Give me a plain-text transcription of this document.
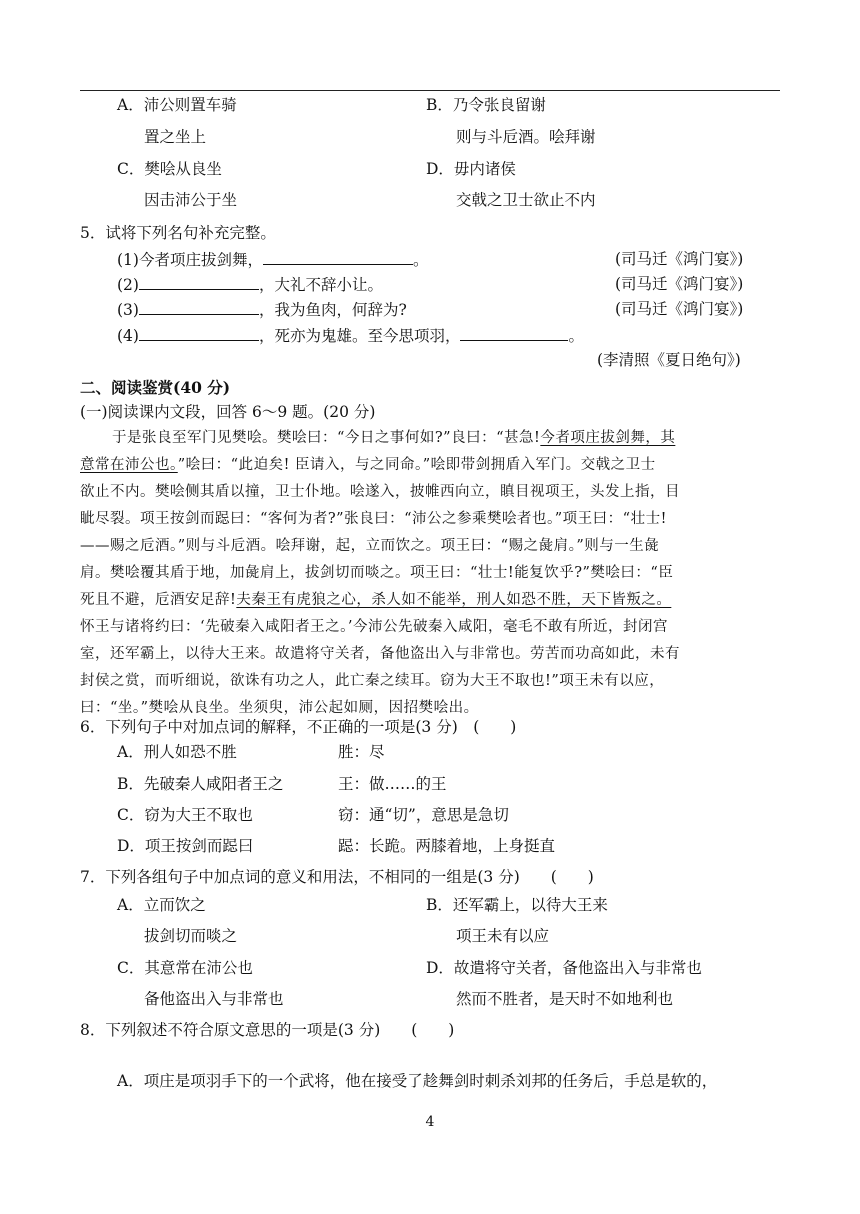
A．沛公则置车骑	B．乃令张良留谢
置之坐上	则与斗卮酒。哙拜谢
C．樊哙从良坐	D．毋内诸侯
因击沛公于坐	交戟之卫士欲止不内
5．试将下列名句补充完整。
(1)今者项庄拔剑舞，	。	(司马迁《鸿门宴》)
(2)	，大礼不辞小让。	(司马迁《鸿门宴》)
(3)	，我为鱼肉，何辞为?	(司马迁《鸿门宴》)
(4)	，死亦为鬼雄。至今思项羽，	。
(李清照《夏日绝句》)
二、阅读鉴赏(40 分)
(一)阅读课内文段，回答 6～9 题。(20 分)
于是张良至军门见樊哙。樊哙曰：“今日之事何如?”良曰：“甚急!今者项庄拔剑舞，其
意常在沛公也。”哙曰：“此迫矣! 臣请入，与之同命。”哙即带剑拥盾入军门。交戟之卫士
欲止不内。樊哙侧其盾以撞，卫士仆地。哙遂入，披帷西向立，瞋目视项王，头发上指，目
眦尽裂。项王按剑而跽曰：“客何为者?”张良曰：“沛公之参乘樊哙者也。”项王曰：“壮士!
——赐之卮酒。”则与斗卮酒。哙拜谢，起，立而饮之。项王曰：“赐之彘肩。”则与一生彘
肩。樊哙覆其盾于地，加彘肩上，拔剑切而啖之。项王曰：“壮士!能复饮乎?”樊哙曰：“臣
死且不避，卮酒安足辞!夫秦王有虎狼之心，杀人如不能举，刑人如恐不胜，天下皆叛之。
怀王与诸将约曰：‘先破秦入咸阳者王之。’今沛公先破秦入咸阳，毫毛不敢有所近，封闭宫
室，还军霸上，以待大王来。故遣将守关者，备他盗出入与非常也。劳苦而功高如此，未有
封侯之赏，而听细说，欲诛有功之人，此亡秦之续耳。窃为大王不取也!”项王未有以应，
曰：“坐。”樊哙从良坐。坐须臾，沛公起如厕，因招樊哙出。
6．下列句子中对加点词的解释，不正确的一项是(3 分)　(　　)
A．刑人如恐不胜	胜：尽
B．先破秦人咸阳者王之	王：做……的王
C．窃为大王不取也	窃：通“切”，意思是急切
D．项王按剑而跽曰	跽：长跪。两膝着地，上身挺直
7．下列各组句子中加点词的意义和用法，不相同的一组是(3 分)　　(　　)
A．立而饮之	B．还军霸上，以待大王来
拔剑切而啖之	项王未有以应
C．其意常在沛公也	D．故遣将守关者，备他盗出入与非常也
备他盗出入与非常也	然而不胜者，是天时不如地利也
8．下列叙述不符合原文意思的一项是(3 分)　　(　　)
A．项庄是项羽手下的一个武将，他在接受了趁舞剑时刺杀刘邦的任务后，手总是软的，
4
